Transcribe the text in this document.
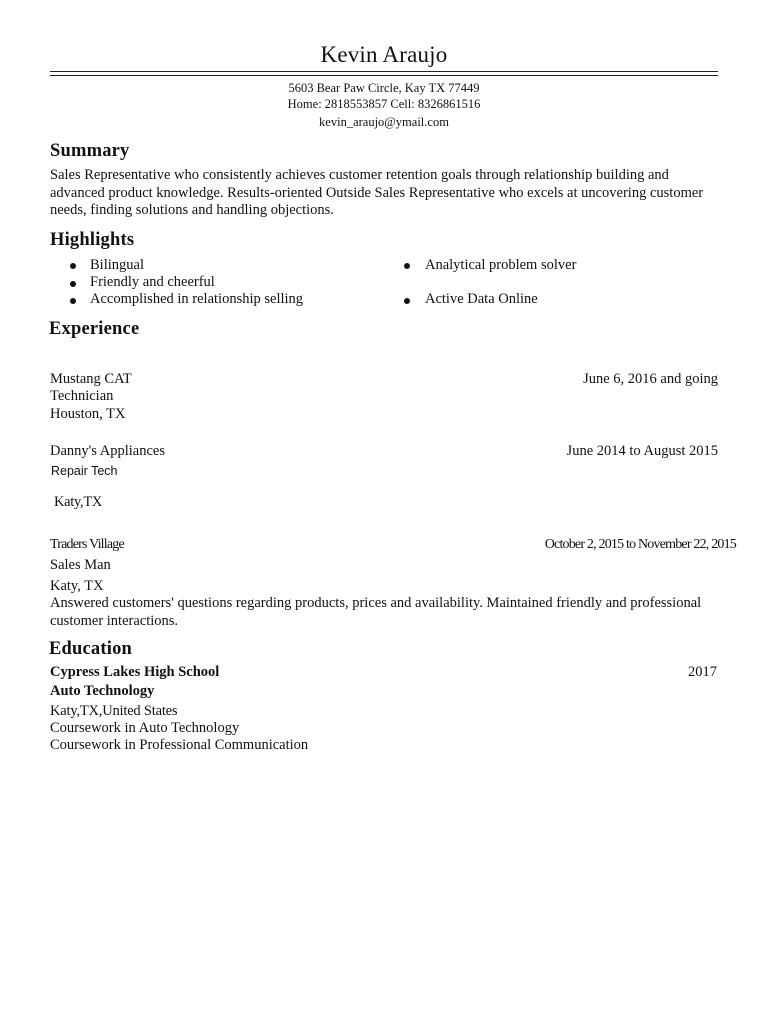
Kevin Araujo
5603 Bear Paw Circle, Kay TX 77449
Home: 2818553857 Cell: 8326861516
kevin_araujo@ymail.com
Summary
Sales Representative who consistently achieves customer retention goals through relationship building and advanced product knowledge. Results-oriented Outside Sales Representative who excels at uncovering customer needs, finding solutions and handling objections.
Highlights
Bilingual
Friendly and cheerful
Accomplished in relationship selling
Analytical problem solver
Active Data Online
Experience
Mustang CAT	June 6, 2016 and going
Technician
Houston, TX
Danny's Appliances	June 2014 to August 2015
Repair Tech
Katy,TX
Traders Village	October 2, 2015 to November 22, 2015
Sales Man
Katy, TX
Answered customers' questions regarding products, prices and availability. Maintained friendly and professional customer interactions.
Education
Cypress Lakes High School	2017
Auto Technology
Katy,TX,United States
Coursework in Auto Technology
Coursework in Professional Communication
